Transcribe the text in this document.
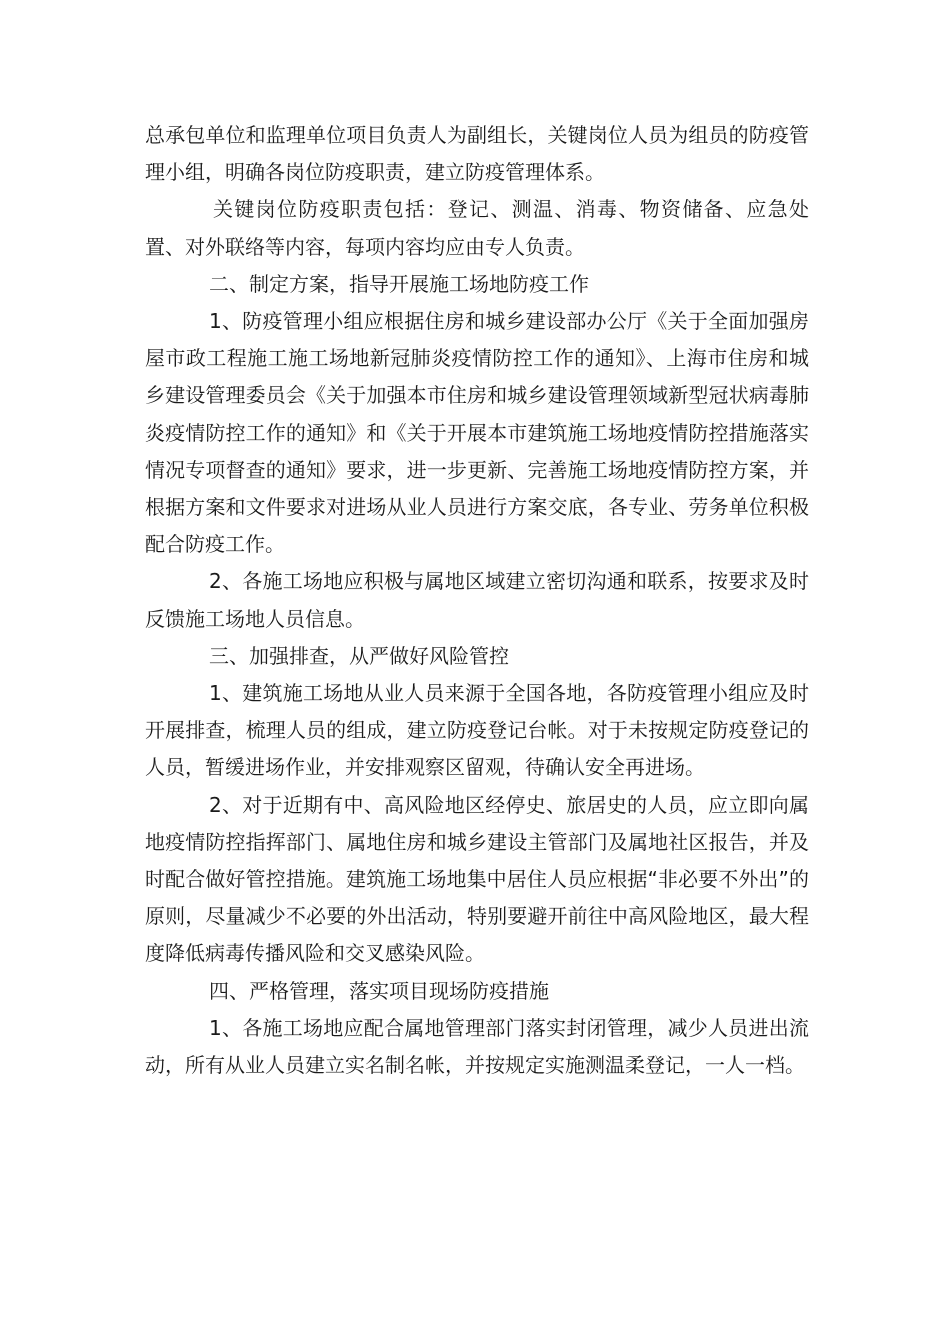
总承包单位和监理单位项目负责人为副组长，关键岗位人员为组员的防疫管理小组，明确各岗位防疫职责，建立防疫管理体系。

关键岗位防疫职责包括：登记、测温、消毒、物资储备、应急处置、对外联络等内容，每项内容均应由专人负责。

二、制定方案，指导开展施工场地防疫工作

1、防疫管理小组应根据住房和城乡建设部办公厅《关于全面加强房屋市政工程施工施工场地新冠肺炎疫情防控工作的通知》、上海市住房和城乡建设管理委员会《关于加强本市住房和城乡建设管理领域新型冠状病毒肺炎疫情防控工作的通知》和《关于开展本市建筑施工场地疫情防控措施落实情况专项督查的通知》要求，进一步更新、完善施工场地疫情防控方案，并根据方案和文件要求对进场从业人员进行方案交底，各专业、劳务单位积极配合防疫工作。

2、各施工场地应积极与属地区域建立密切沟通和联系，按要求及时反馈施工场地人员信息。

三、加强排查，从严做好风险管控

1、建筑施工场地从业人员来源于全国各地，各防疫管理小组应及时开展排查，梳理人员的组成，建立防疫登记台帐。对于未按规定防疫登记的人员，暂缓进场作业，并安排观察区留观，待确认安全再进场。

2、对于近期有中、高风险地区经停史、旅居史的人员，应立即向属地疫情防控指挥部门、属地住房和城乡建设主管部门及属地社区报告，并及时配合做好管控措施。建筑施工场地集中居住人员应根据“非必要不外出”的原则，尽量减少不必要的外出活动，特别要避开前往中高风险地区，最大程度降低病毒传播风险和交叉感染风险。

四、严格管理，落实项目现场防疫措施

1、各施工场地应配合属地管理部门落实封闭管理，减少人员进出流动，所有从业人员建立实名制名帐，并按规定实施测温柔登记，一人一档。
